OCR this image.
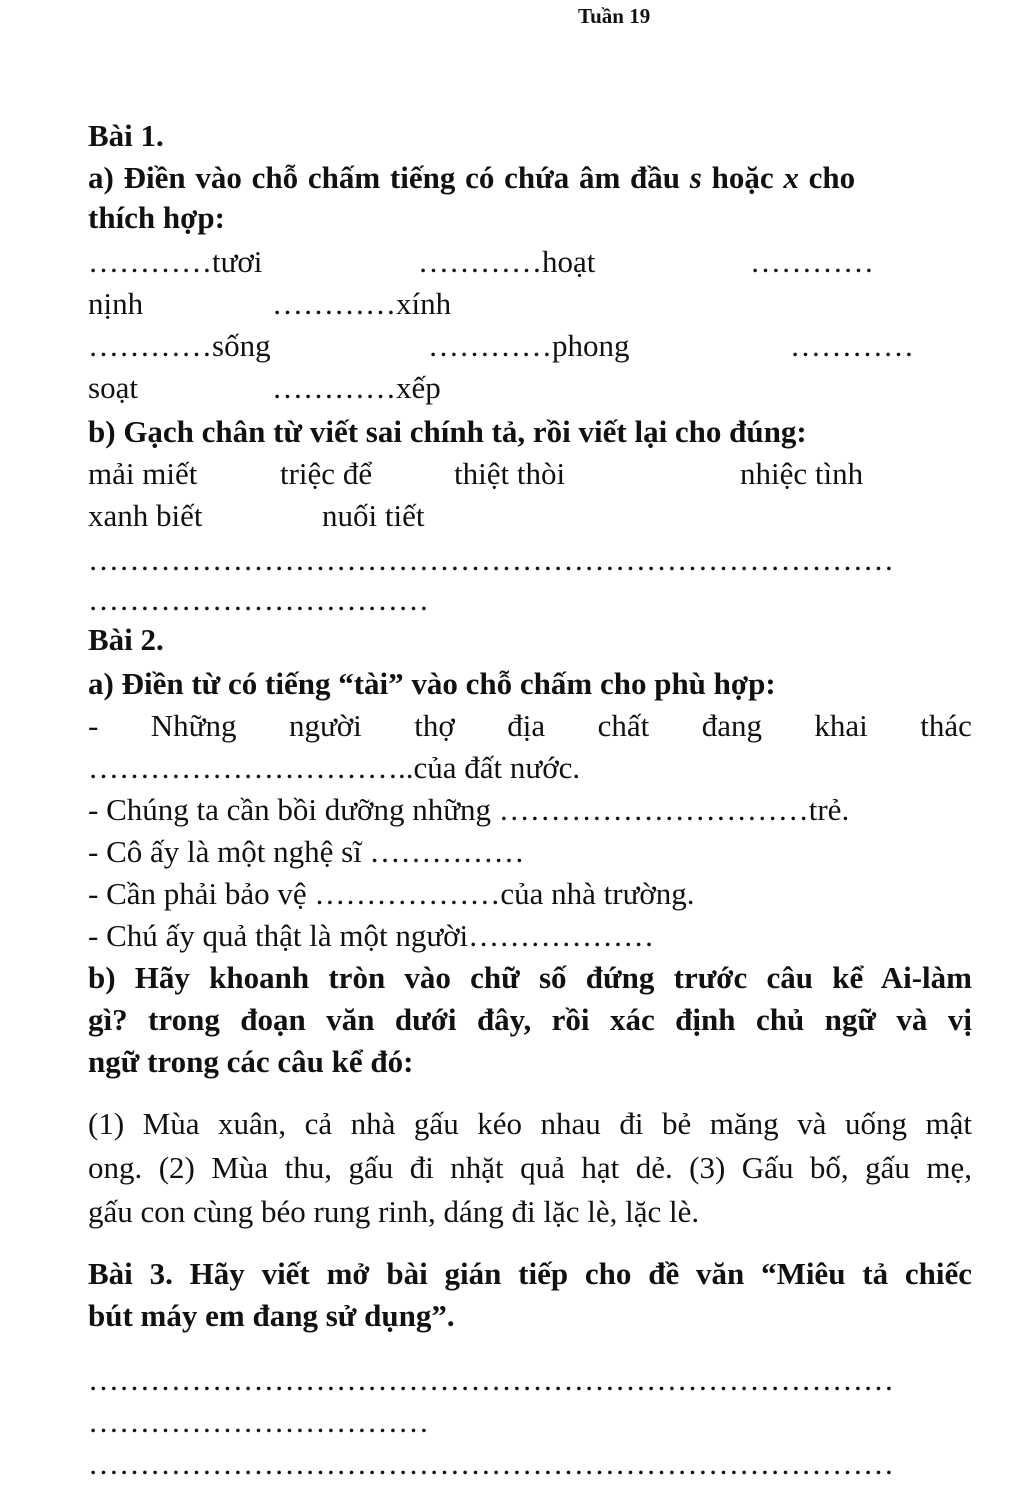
Tuần 19
Bài 1.
a) Điền vào chỗ chấm tiếng có chứa âm đầu s hoặc x cho
thích hợp:
…………tươi	…………hoạt	…………
nịnh	…………xính
…………sống	…………phong	…………
soạt	…………xếp
b) Gạch chân từ viết sai chính tả, rồi viết lại cho đúng:
mải miết	triệc để	thiệt thòi	nhiệc tình
xanh biết	nuối tiết
……………………………………………………………………
……………………………
Bài 2.
a) Điền từ có tiếng “tài” vào chỗ chấm cho phù hợp:
- Những người thợ địa chất đang khai thác
…………………………..của đất nước.
- Chúng ta cần bồi dưỡng những …………………………trẻ.
- Cô ấy là một nghệ sĩ ……………
- Cần phải bảo vệ ………………của nhà trường.
- Chú ấy quả thật là một người………………
b) Hãy khoanh tròn vào chữ số đứng trước câu kể Ai-làm
gì? trong đoạn văn dưới đây, rồi xác định chủ ngữ và vị
ngữ trong các câu kể đó:
(1) Mùa xuân, cả nhà gấu kéo nhau đi bẻ măng và uống mật
ong. (2) Mùa thu, gấu đi nhặt quả hạt dẻ. (3) Gấu bố, gấu mẹ,
gấu con cùng béo rung rinh, dáng đi lặc lè, lặc lè.
Bài 3. Hãy viết mở bài gián tiếp cho đề văn “Miêu tả chiếc
bút máy em đang sử dụng”.
……………………………………………………………………
……………………………
……………………………………………………………………
